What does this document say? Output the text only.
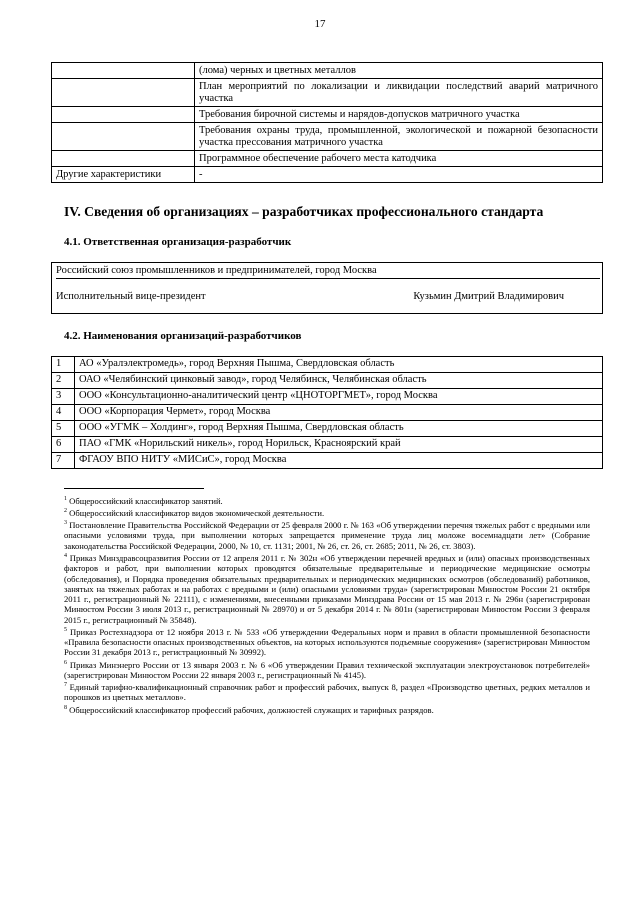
17
	(лома) черных и цветных металлов
	План мероприятий по локализации и ликвидации последствий аварий матричного участка
	Требования бирочной системы и нарядов-допусков матричного участка
	Требования охраны труда, промышленной, экологической и пожарной безопасности участка прессования матричного участка
	Программное обеспечение рабочего места катодчика
Другие характеристики	-
IV. Сведения об организациях – разработчиках профессионального стандарта
4.1. Ответственная организация-разработчик
Российский союз промышленников и предпринимателей, город Москва
Исполнительный вице-президент	Кузьмин Дмитрий Владимирович
4.2. Наименования организаций-разработчиков
1	АО «Уралэлектромедь», город Верхняя Пышма, Свердловская область
2	ОАО «Челябинский цинковый завод», город Челябинск, Челябинская область
3	ООО «Консультационно-аналитический центр «ЦНОТОРГМЕТ», город Москва
4	ООО «Корпорация Чермет», город Москва
5	ООО «УГМК – Холдинг», город Верхняя Пышма, Свердловская область
6	ПАО «ГМК «Норильский никель», город Норильск, Красноярский край
7	ФГАОУ ВПО НИТУ «МИСиС», город Москва

$^1$ Общероссийский классификатор занятий.

$^2$ Общероссийский классификатор видов экономической деятельности.

$^3$ Постановление Правительства Российской Федерации от 25 февраля 2000 г. № 163 «Об утверждении перечня тяжелых работ с вредными или опасными условиями труда, при выполнении которых запрещается применение труда лиц моложе восемнадцати лет» (Собрание законодательства Российской Федерации, 2000, № 10, ст. 1131; 2001, № 26, ст. 26, ст. 2685; 2011, № 26, ст. 3803).

$^4$ Приказ Минздравсоцразвития России от 12 апреля 2011 г. № 302н «Об утверждении перечней вредных и (или) опасных производственных факторов и работ, при выполнении которых проводятся обязательные предварительные и периодические медицинские осмотры (обследования), и Порядка проведения обязательных предварительных и периодических медицинских осмотров (обследований) работников, занятых на тяжелых работах и на работах с вредными и (или) опасными условиями труда» (зарегистрирован Минюстом России 21 октября 2011 г., регистрационный № 22111), с изменениями, внесенными приказами Минздрава России от 15 мая 2013 г. № 296н (зарегистрирован Минюстом России 3 июля 2013 г., регистрационный № 28970) и от 5 декабря 2014 г. № 801н (зарегистрирован Минюстом России 3 февраля 2015 г., регистрационный № 35848).

$^5$ Приказ Ростехнадзора от 12 ноября 2013 г. № 533 «Об утверждении Федеральных норм и правил в области промышленной безопасности «Правила безопасности опасных производственных объектов, на которых используются подъемные сооружения» (зарегистрирован Минюстом России 31 декабря 2013 г., регистрационный № 30992).

$^6$ Приказ Минэнерго России от 13 января 2003 г. № 6 «Об утверждении Правил технической эксплуатации электроустановок потребителей» (зарегистрирован Минюстом России 22 января 2003 г., регистрационный № 4145).

$^7$ Единый тарифно-квалификационный справочник работ и профессий рабочих, выпуск 8, раздел «Производство цветных, редких металлов и порошков из цветных металлов».

$^8$ Общероссийский классификатор профессий рабочих, должностей служащих и тарифных разрядов.
